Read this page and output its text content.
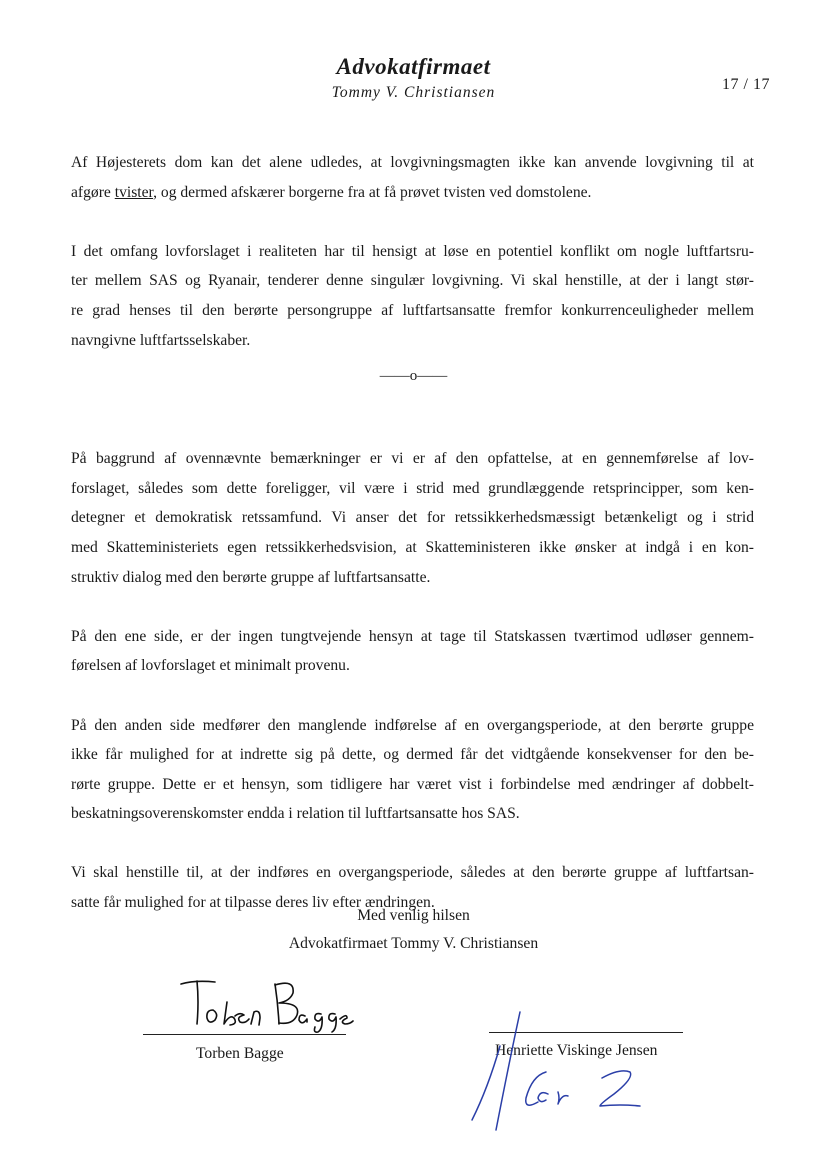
Advokatfirmaet
Tommy V. Christiansen	17 / 17

Af Højesterets dom kan det alene udledes, at lovgivningsmagten ikke kan anvende lovgivning til at
afgøre tvister, og dermed afskærer borgerne fra at få prøvet tvisten ved domstolene.

I det omfang lovforslaget i realiteten har til hensigt at løse en potentiel konflikt om nogle luftfartsru-
ter mellem SAS og Ryanair, tenderer denne singulær lovgivning. Vi skal henstille, at der i langt stør-
re grad henses til den berørte persongruppe af luftfartsansatte fremfor konkurrenceuligheder mellem
navngivne luftfartsselskaber.

På baggrund af ovennævnte bemærkninger er vi er af den opfattelse, at en gennemførelse af lov-
forslaget, således som dette foreligger, vil være i strid med grundlæggende retsprincipper, som ken-
detegner et demokratisk retssamfund. Vi anser det for retssikkerhedsmæssigt betænkeligt og i strid
med Skatteministeriets egen retssikkerhedsvision, at Skatteministeren ikke ønsker at indgå i en kon-
struktiv dialog med den berørte gruppe af luftfartsansatte.

På den ene side, er der ingen tungtvejende hensyn at tage til Statskassen tværtimod udløser gennem-
førelsen af lovforslaget et minimalt provenu.

På den anden side medfører den manglende indførelse af en overgangsperiode, at den berørte gruppe
ikke får mulighed for at indrette sig på dette, og dermed får det vidtgående konsekvenser for den be-
rørte gruppe. Dette er et hensyn, som tidligere har været vist i forbindelse med ændringer af dobbelt-
beskatningsoverenskomster endda i relation til luftfartsansatte hos SAS.

Vi skal henstille til, at der indføres en overgangsperiode, således at den berørte gruppe af luftfartsan-
satte får mulighed for at tilpasse deres liv efter ændringen.

——o——
Med venlig hilsen
Advokatfirmaet Tommy V. Christiansen
Torben Bagge	Henriette Viskinge Jensen
